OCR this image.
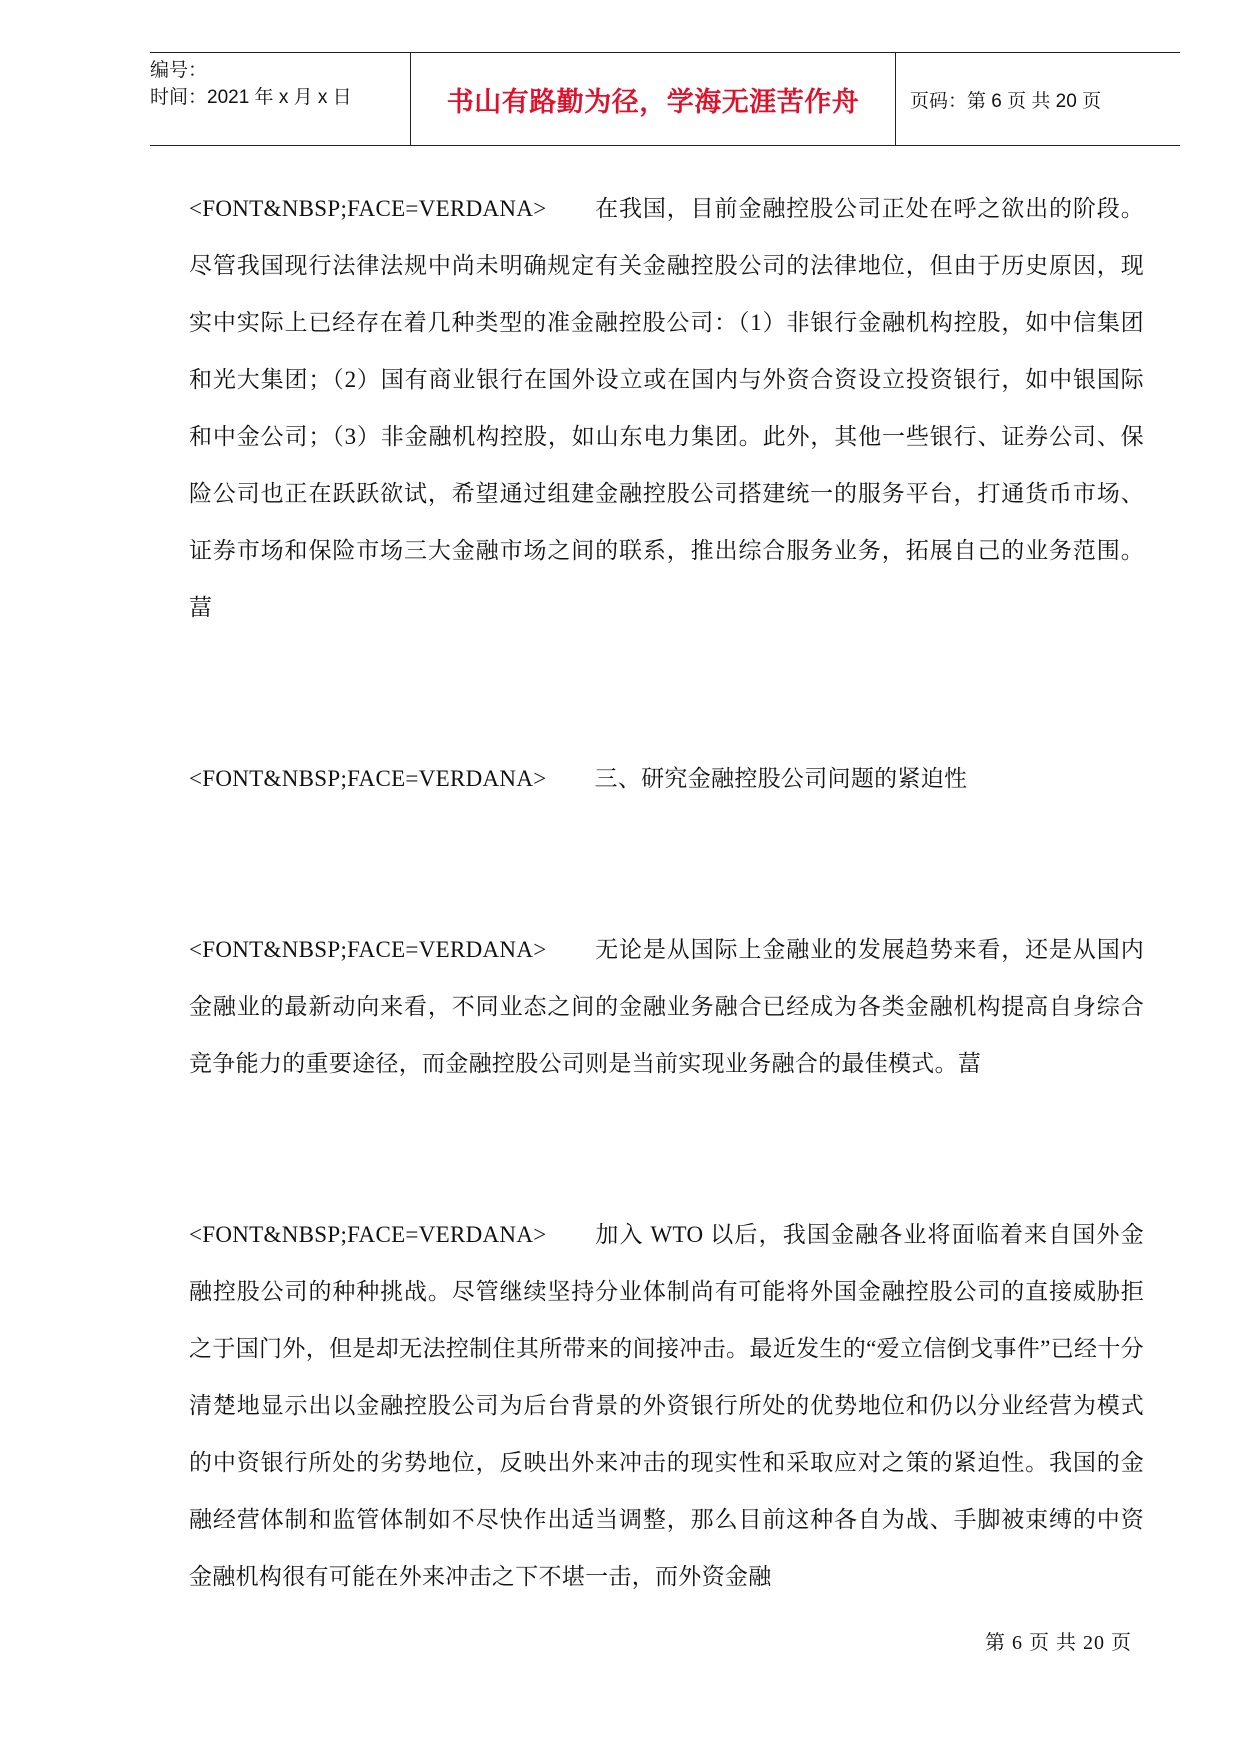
编号：
时间：2021 年 x 月 x 日	书山有路勤为径，学海无涯苦作舟	页码：第 6 页 共 20 页

<FONT&NBSP;FACE=VERDANA> 在我国，目前金融控股公司正处在呼之欲出的阶段。尽管我国现行法律法规中尚未明确规定有关金融控股公司的法律地位，但由于历史原因，现实中实际上已经存在着几种类型的准金融控股公司：（1）非银行金融机构控股，如中信集团和光大集团；（2）国有商业银行在国外设立或在国内与外资合资设立投资银行，如中银国际和中金公司；（3）非金融机构控股，如山东电力集团。此外，其他一些银行、证券公司、保险公司也正在跃跃欲试，希望通过组建金融控股公司搭建统一的服务平台，打通货币市场、证券市场和保险市场三大金融市场之间的联系，推出综合服务业务，拓展自己的业务范围。葍

<FONT&NBSP;FACE=VERDANA> 三、研究金融控股公司问题的紧迫性

<FONT&NBSP;FACE=VERDANA> 无论是从国际上金融业的发展趋势来看，还是从国内金融业的最新动向来看，不同业态之间的金融业务融合已经成为各类金融机构提高自身综合竞争能力的重要途径，而金融控股公司则是当前实现业务融合的最佳模式。葍

<FONT&NBSP;FACE=VERDANA> 加入 WTO 以后，我国金融各业将面临着来自国外金融控股公司的种种挑战。尽管继续坚持分业体制尚有可能将外国金融控股公司的直接威胁拒之于国门外，但是却无法控制住其所带来的间接冲击。最近发生的“爱立信倒戈事件”已经十分清楚地显示出以金融控股公司为后台背景的外资银行所处的优势地位和仍以分业经营为模式的中资银行所处的劣势地位，反映出外来冲击的现实性和采取应对之策的紧迫性。我国的金融经营体制和监管体制如不尽快作出适当调整，那么目前这种各自为战、手脚被束缚的中资金融机构很有可能在外来冲击之下不堪一击，而外资金融

第 6 页 共 20 页
